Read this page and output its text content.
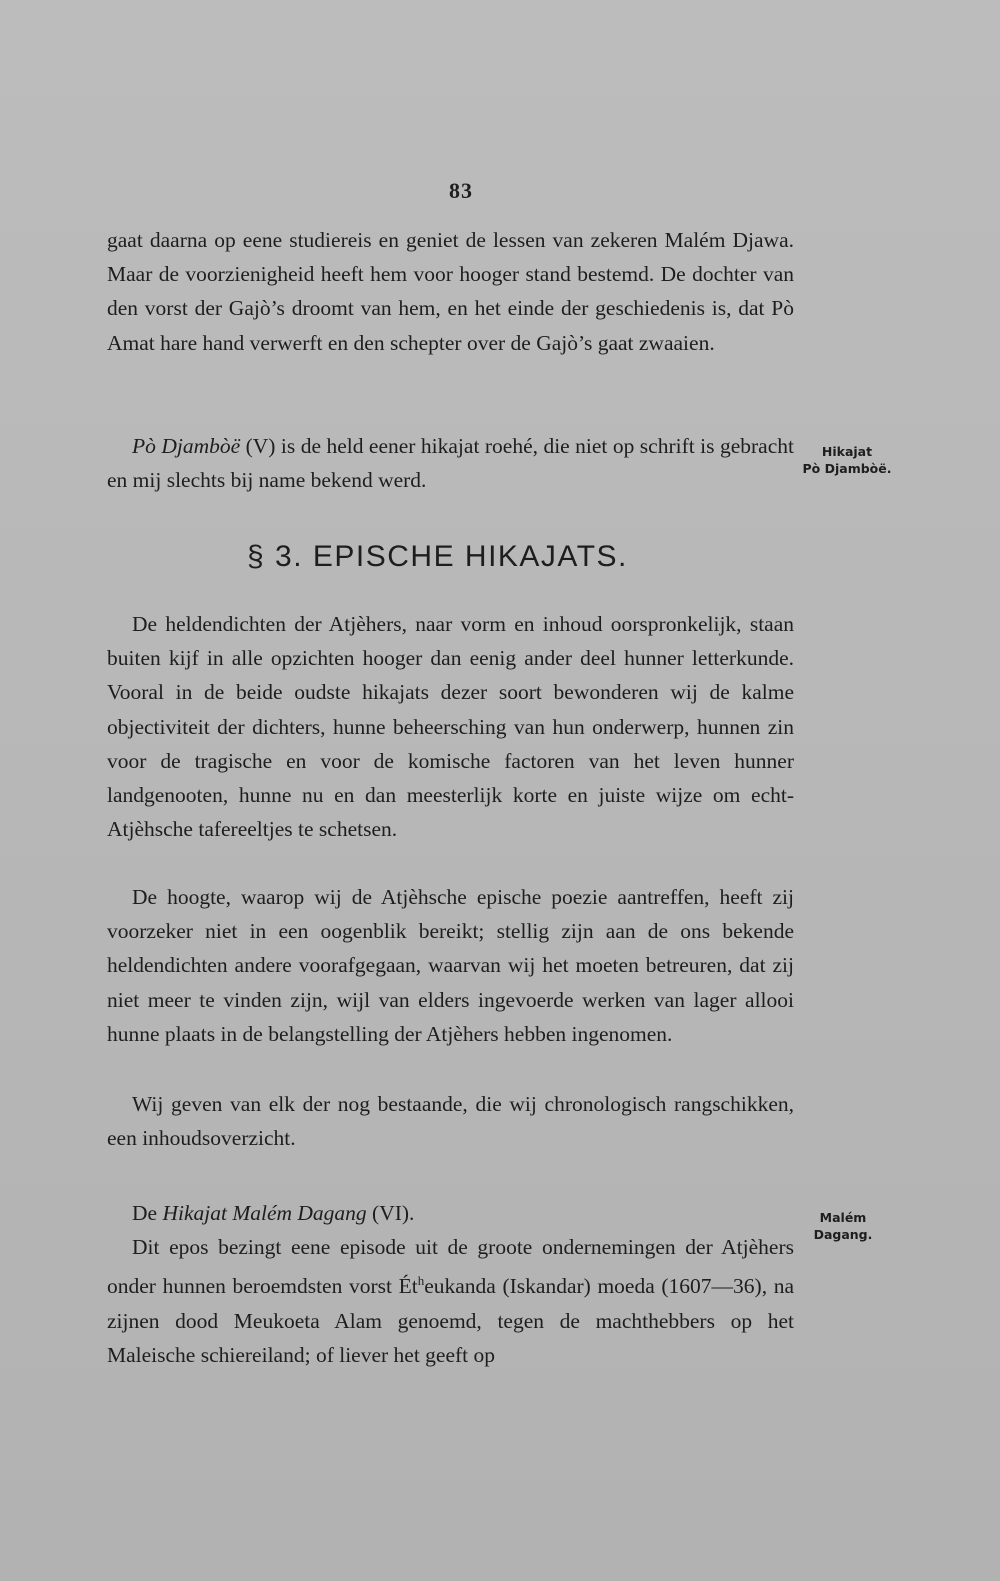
83

gaat daarna op eene studiereis en geniet de lessen van zekeren Malém Djawa. Maar de voorzienigheid heeft hem voor hooger stand bestemd. De dochter van den vorst der Gajò’s droomt van hem, en het einde der geschiedenis is, dat Pò Amat hare hand verwerft en den schepter over de Gajò’s gaat zwaaien.

Pò Djambòë (V) is de held eener hikajat roehé, die niet op schrift is gebracht en mij slechts bij name bekend werd.

Hikajat
Pò Djambòë.
§ 3. EPISCHE HIKAJATS.

De heldendichten der Atjèhers, naar vorm en inhoud oorspronkelijk, staan buiten kijf in alle opzichten hooger dan eenig ander deel hunner letterkunde. Vooral in de beide oudste hikajats dezer soort bewonderen wij de kalme objectiviteit der dichters, hunne beheersching van hun onderwerp, hunnen zin voor de tragische en voor de komische factoren van het leven hunner landgenooten, hunne nu en dan meesterlijk korte en juiste wijze om echt-Atjèhsche tafereeltjes te schetsen.

De hoogte, waarop wij de Atjèhsche epische poezie aantreffen, heeft zij voorzeker niet in een oogenblik bereikt; stellig zijn aan de ons bekende heldendichten andere voorafgegaan, waarvan wij het moeten betreuren, dat zij niet meer te vinden zijn, wijl van elders ingevoerde werken van lager allooi hunne plaats in de belangstelling der Atjèhers hebben ingenomen.

Wij geven van elk der nog bestaande, die wij chronologisch rangschikken, een inhoudsoverzicht.

De Hikajat Malém Dagang (VI).	Malém
Dagang.

Dit epos bezingt eene episode uit de groote ondernemingen der Atjèhers onder hunnen beroemdsten vorst $Ét^heukanda$ (Iskandar) moeda (1607—36), na zijnen dood Meukoeta Alam genoemd, tegen de machthebbers op het Maleische schiereiland; of liever het geeft op
